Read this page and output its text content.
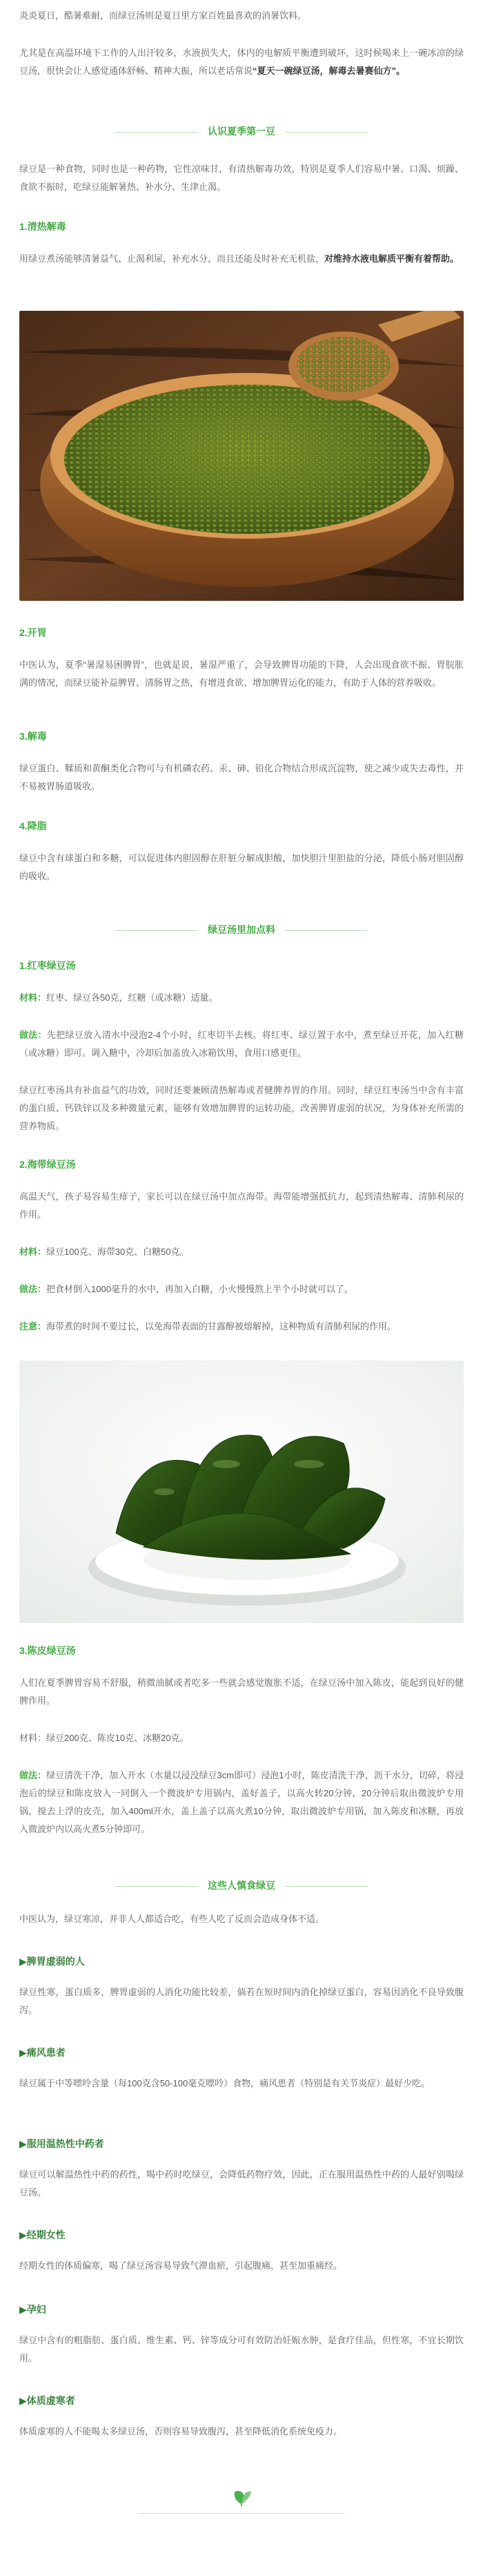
炎炎夏日，酷暑难耐，而绿豆汤则是夏日里方家百姓最喜欢的消暑饮料。

尤其是在高温环境下工作的人出汗较多，水液损失大，体内的电解质平衡遭到破坏，这时候喝来上一碗冰凉的绿豆汤，很快会让人感觉通体舒畅、精神大振，所以老话常说“夏天一碗绿豆汤，解毒去暑赛仙方”。

认识夏季第一豆

绿豆是一种食物，同时也是一种药物，它性凉味甘，有清热解毒功效，特别是夏季人们容易中暑、口渴、烦躁、食欲不振时，吃绿豆能解暑热、补水分、生津止渴。

1.清热解毒

用绿豆煮汤能够清暑益气、止渴利尿，补充水分，而且还能及时补充无机盐，对维持水液电解质平衡有着帮助。

2.开胃

中医认为，夏季“暑湿易困脾胃”，也就是说，暑湿严重了，会导致脾胃功能的下降，人会出现食欲不振、胃脘胀满的情况，而绿豆能补益脾胃、清肠胃之热，有增进食欲、增加脾胃运化的能力，有助于人体的营养吸收。

3.解毒

绿豆蛋白、鞣质和黄酮类化合物可与有机磷农药、汞、砷、铅化合物结合形成沉淀物，使之减少或失去毒性，并不易被胃肠道吸收。

4.降脂

绿豆中含有球蛋白和多糖，可以促进体内胆固醇在肝脏分解成胆酸，加快胆汁里胆盐的分泌，降低小肠对胆固醇的吸收。

绿豆汤里加点料
1.红枣绿豆汤

材料：红枣、绿豆各50克，红糖（或冰糖）适量。

做法：先把绿豆放入清水中浸泡2-4个小时，红枣切半去核。将红枣、绿豆置于水中，煮至绿豆开花，加入红糖（或冰糖）即可。调入糖中，冷却后加盖放入冰箱饮用，食用口感更佳。

绿豆红枣汤具有补血益气的功效，同时还要兼顾清热解毒或者健脾养胃的作用。同时，绿豆红枣汤当中含有丰富的蛋白质、钙铁锌以及多种微量元素，能够有效增加脾胃的运转功能，改善脾胃虚弱的状况，为身体补充所需的营养物质。

2.海带绿豆汤

高温天气，孩子易容易生痱子，家长可以在绿豆汤中加点海带。海带能增强抵抗力，起到清热解毒、清肺利尿的作用。

材料：绿豆100克、海带30克、白糖50克。

做法：把食材倒入1000毫升的水中，再加入白糖，小火慢慢熬上半个小时就可以了。

注意：海带煮的时间不要过长，以免海带表面的甘露醇被熔解掉，这种物质有清肺利尿的作用。

3.陈皮绿豆汤

人们在夏季脾胃容易不舒服，稍微油腻或者吃多一些就会感觉腹胀不适，在绿豆汤中加入陈皮，能起到良好的健脾作用。

材料：绿豆200克、陈皮10克、冰糖20克。

做法：绿豆清洗干净，加入开水（水量以浸没绿豆3cm即可）浸泡1小时，陈皮清洗干净，沥干水分，切碎，将浸泡后的绿豆和陈皮放入一同倒入一个微波炉专用锅内，盖好盖子，以高火转20分钟，20分钟后取出微波炉专用锅，搅去上浮的皮壳，加入400ml开水，盖上盖子以高火煮10分钟，取出微波炉专用锅，加入陈皮和冰糖，再放入微波炉内以高火煮5分钟即可。

这些人慎食绿豆

中医认为，绿豆寒凉，并非人人都适合吃，有些人吃了反而会造成身体不适。

▶脾胃虚弱的人

绿豆性寒，蛋白质多，脾胃虚弱的人消化功能比较差，倘若在短时间内消化掉绿豆蛋白，容易因消化不良导致腹泻。

▶痛风患者

绿豆属于中等嘌呤含量（每100克含50-100毫克嘌呤）食物，痛风患者（特别是有关节炎症）最好少吃。

▶服用温热性中药者

绿豆可以解温热性中药的药性，喝中药时吃绿豆，会降低药物疗效，因此，正在服用温热性中药的人最好别喝绿豆汤。

▶经期女性

经期女性的体质偏寒，喝了绿豆汤容易导致气滞血瘀，引起腹痛，甚至加重痛经。

▶孕妇

绿豆中含有的粗脂肪、蛋白质、维生素、钙、锌等成分可有效防治妊娠水肿，是食疗佳品，但性寒，不宜长期饮用。

▶体质虚寒者

体质虚寒的人不能喝太多绿豆汤，否则容易导致腹泻，甚至降低消化系统免疫力。
